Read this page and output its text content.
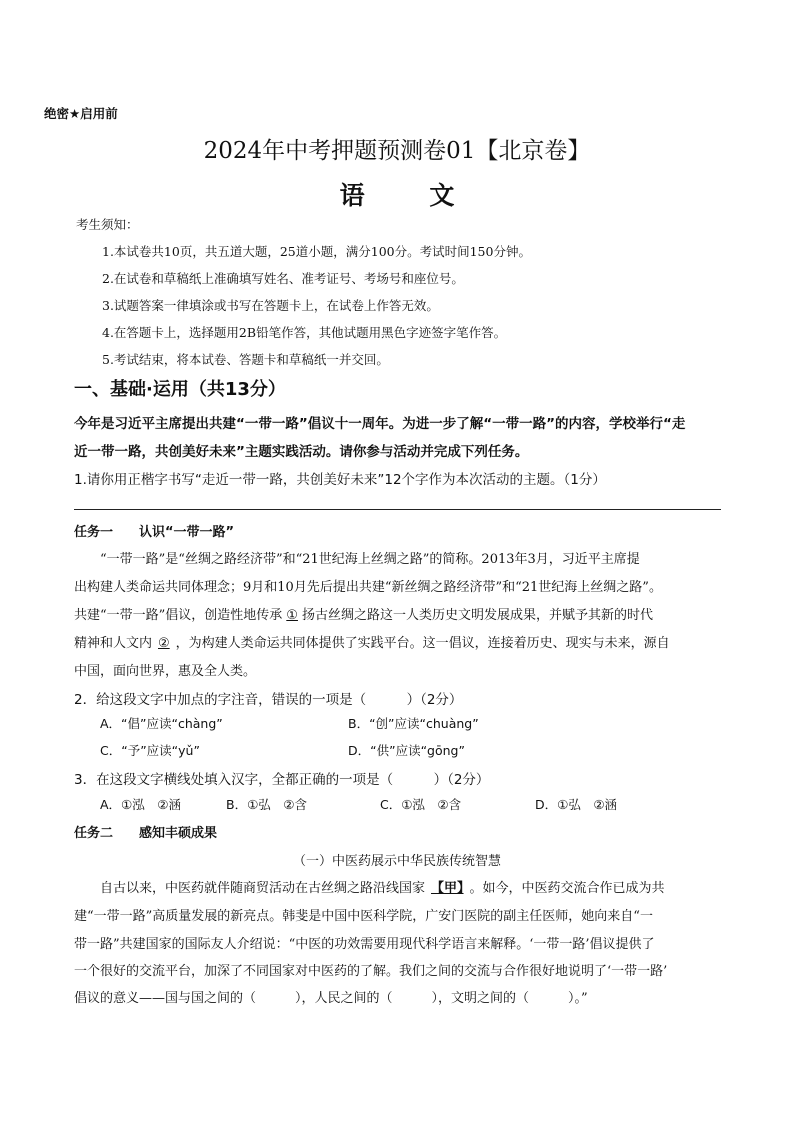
绝密★启用前
2024年中考押题预测卷01【北京卷】
语 文
考生须知：
1.本试卷共10页，共五道大题，25道小题，满分100分。考试时间150分钟。
2.在试卷和草稿纸上准确填写姓名、准考证号、考场号和座位号。
3.试题答案一律填涂或书写在答题卡上，在试卷上作答无效。
4.在答题卡上，选择题用2B铅笔作答，其他试题用黑色字迹签字笔作答。
5.考试结束，将本试卷、答题卡和草稿纸一并交回。
一、基础·运用（共13分）
今年是习近平主席提出共建“一带一路”倡议十一周年。为进一步了解“一带一路”的内容，学校举行“走
近一带一路，共创美好未来”主题实践活动。请你参与活动并完成下列任务。
1.请你用正楷字书写“走近一带一路，共创美好未来”12个字作为本次活动的主题。（1分）
任务一　　认识“一带一路”
　　“一带一路”是“丝绸之路经济带”和“21世纪海上丝绸之路”的简称。2013年3月，习近平主席提
出构建人类命运共同体理念；9月和10月先后提出共建“新丝绸之路经济带”和“21世纪海上丝绸之路”。
共建“一带一路”倡议，创造性地传承 ① 扬古丝绸之路这一人类历史文明发展成果，并赋予其新的时代
精神和人文内 ② ，为构建人类命运共同体提供了实践平台。这一倡议，连接着历史、现实与未来，源自
中国，面向世界，惠及全人类。
2．给这段文字中加点的字注音，错误的一项是（　　　）（2分）
A．“倡”应读“chàng”	B．“创”应读“chuàng”
C．“予”应读“yǔ”	D．“供”应读“gōng”
3．在这段文字横线处填入汉字，全都正确的一项是（　　　）（2分）
A．①泓　②涵	B．①弘　②含	C．①泓　②含	D．①弘　②涵
任务二　　感知丰硕成果
（一）中医药展示中华民族传统智慧
　　自古以来，中医药就伴随商贸活动在古丝绸之路沿线国家 【甲】 。如今，中医药交流合作已成为共
建“一带一路”高质量发展的新亮点。韩斐是中国中医科学院，广安门医院的副主任医师，她向来自“一
带一路”共建国家的国际友人介绍说：“中医的功效需要用现代科学语言来解释。‘一带一路’倡议提供了
一个很好的交流平台，加深了不同国家对中医药的了解。我们之间的交流与合作很好地说明了‘一带一路’
倡议的意义——国与国之间的（　　　），人民之间的（　　　），文明之间的（　　　）。”
